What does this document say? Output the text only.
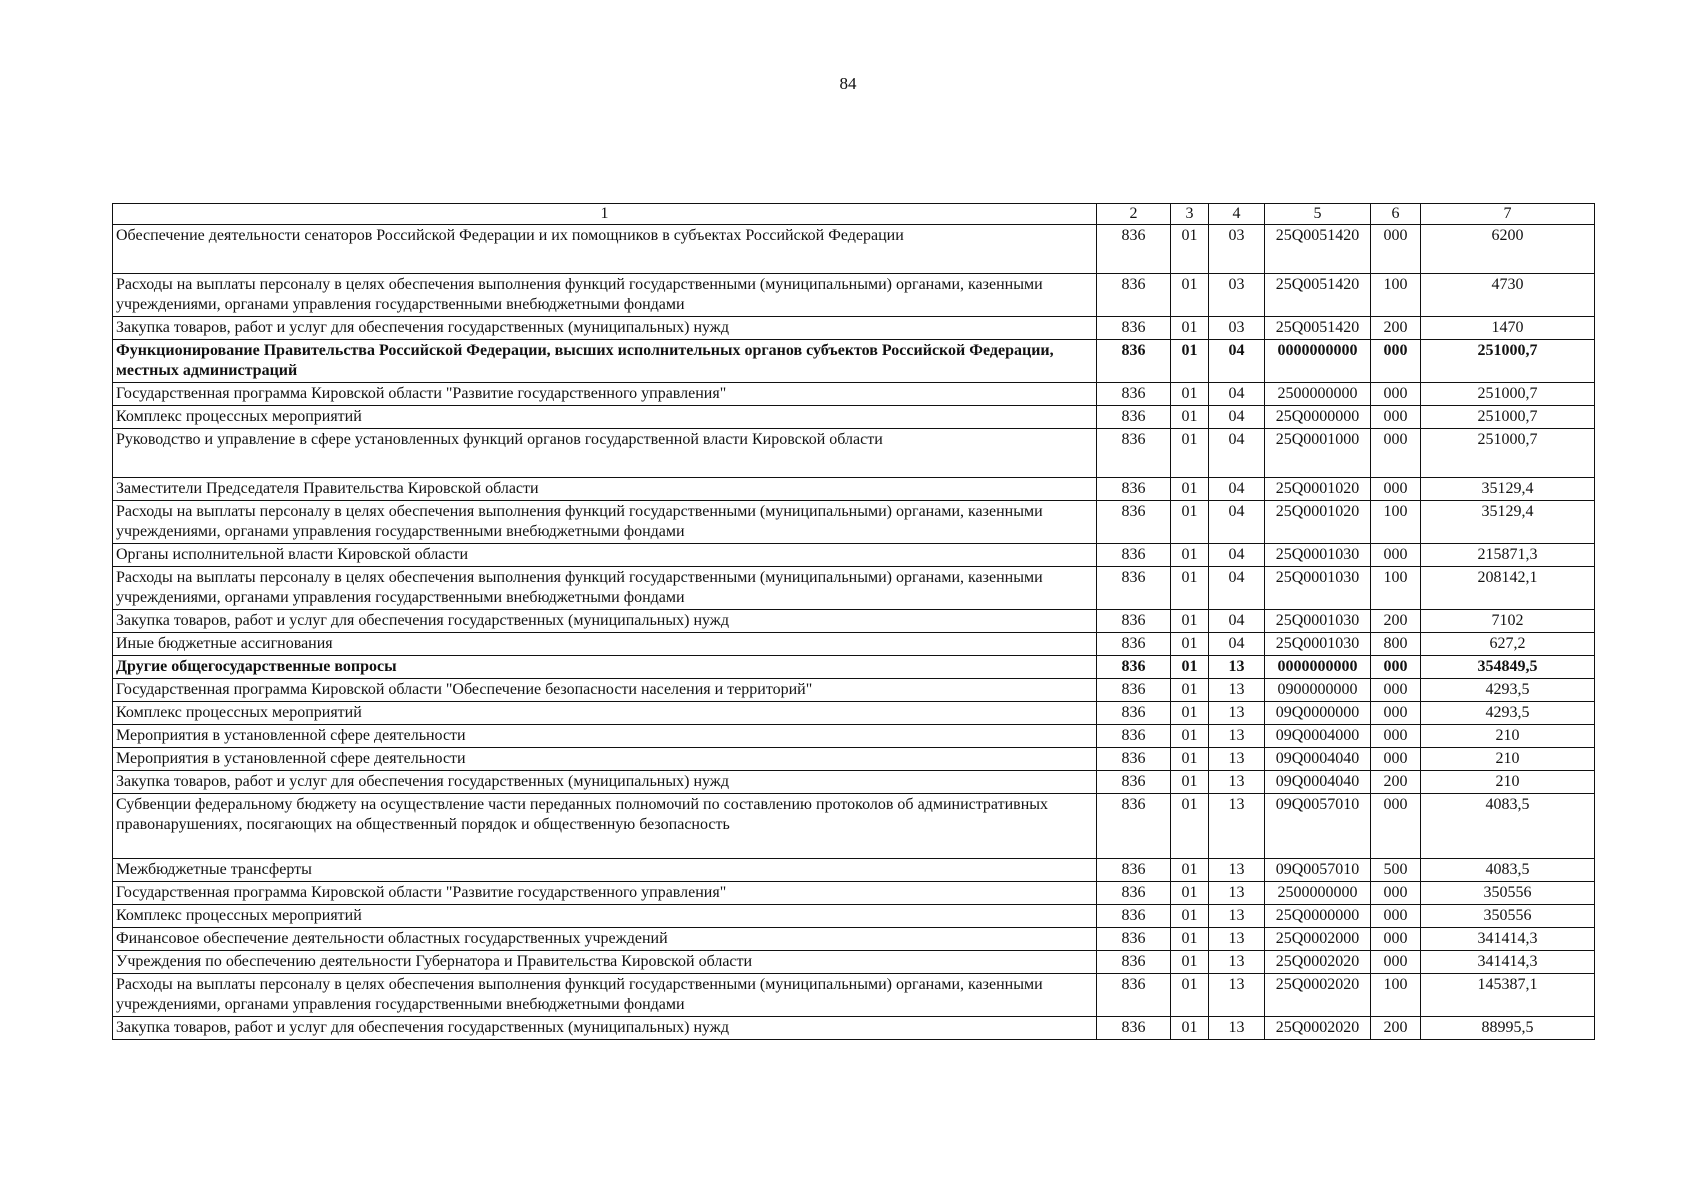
84
1	2	3	4	5	6	7
Обеспечение деятельности сенаторов Российской Федерации и их помощников в субъектах Российской Федерации	836	01	03	25Q0051420	000	6200
Расходы на выплаты персоналу в целях обеспечения выполнения функций государственными (муниципальными) органами, казенными учреждениями, органами управления государственными внебюджетными фондами	836	01	03	25Q0051420	100	4730
Закупка товаров, работ и услуг для обеспечения государственных (муниципальных) нужд	836	01	03	25Q0051420	200	1470
Функционирование Правительства Российской Федерации, высших исполнительных органов субъектов Российской Федерации, местных администраций	836	01	04	0000000000	000	251000,7
Государственная программа Кировской области "Развитие государственного управления"	836	01	04	2500000000	000	251000,7
Комплекс процессных мероприятий	836	01	04	25Q0000000	000	251000,7
Руководство и управление в сфере установленных функций органов государственной власти Кировской области	836	01	04	25Q0001000	000	251000,7
Заместители Председателя Правительства Кировской области	836	01	04	25Q0001020	000	35129,4
Расходы на выплаты персоналу в целях обеспечения выполнения функций государственными (муниципальными) органами, казенными учреждениями, органами управления государственными внебюджетными фондами	836	01	04	25Q0001020	100	35129,4
Органы исполнительной власти Кировской области	836	01	04	25Q0001030	000	215871,3
Расходы на выплаты персоналу в целях обеспечения выполнения функций государственными (муниципальными) органами, казенными учреждениями, органами управления государственными внебюджетными фондами	836	01	04	25Q0001030	100	208142,1
Закупка товаров, работ и услуг для обеспечения государственных (муниципальных) нужд	836	01	04	25Q0001030	200	7102
Иные бюджетные ассигнования	836	01	04	25Q0001030	800	627,2
Другие общегосударственные вопросы	836	01	13	0000000000	000	354849,5
Государственная программа Кировской области "Обеспечение безопасности населения и территорий"	836	01	13	0900000000	000	4293,5
Комплекс процессных мероприятий	836	01	13	09Q0000000	000	4293,5
Мероприятия в установленной сфере деятельности	836	01	13	09Q0004000	000	210
Мероприятия в установленной сфере деятельности	836	01	13	09Q0004040	000	210
Закупка товаров, работ и услуг для обеспечения государственных (муниципальных) нужд	836	01	13	09Q0004040	200	210
Субвенции федеральному бюджету на осуществление части переданных полномочий по составлению протоколов об административных правонарушениях, посягающих на общественный порядок и общественную безопасность	836	01	13	09Q0057010	000	4083,5
Межбюджетные трансферты	836	01	13	09Q0057010	500	4083,5
Государственная программа Кировской области "Развитие государственного управления"	836	01	13	2500000000	000	350556
Комплекс процессных мероприятий	836	01	13	25Q0000000	000	350556
Финансовое обеспечение деятельности областных государственных учреждений	836	01	13	25Q0002000	000	341414,3
Учреждения по обеспечению деятельности Губернатора и Правительства Кировской области	836	01	13	25Q0002020	000	341414,3
Расходы на выплаты персоналу в целях обеспечения выполнения функций государственными (муниципальными) органами, казенными учреждениями, органами управления государственными внебюджетными фондами	836	01	13	25Q0002020	100	145387,1
Закупка товаров, работ и услуг для обеспечения государственных (муниципальных) нужд	836	01	13	25Q0002020	200	88995,5
